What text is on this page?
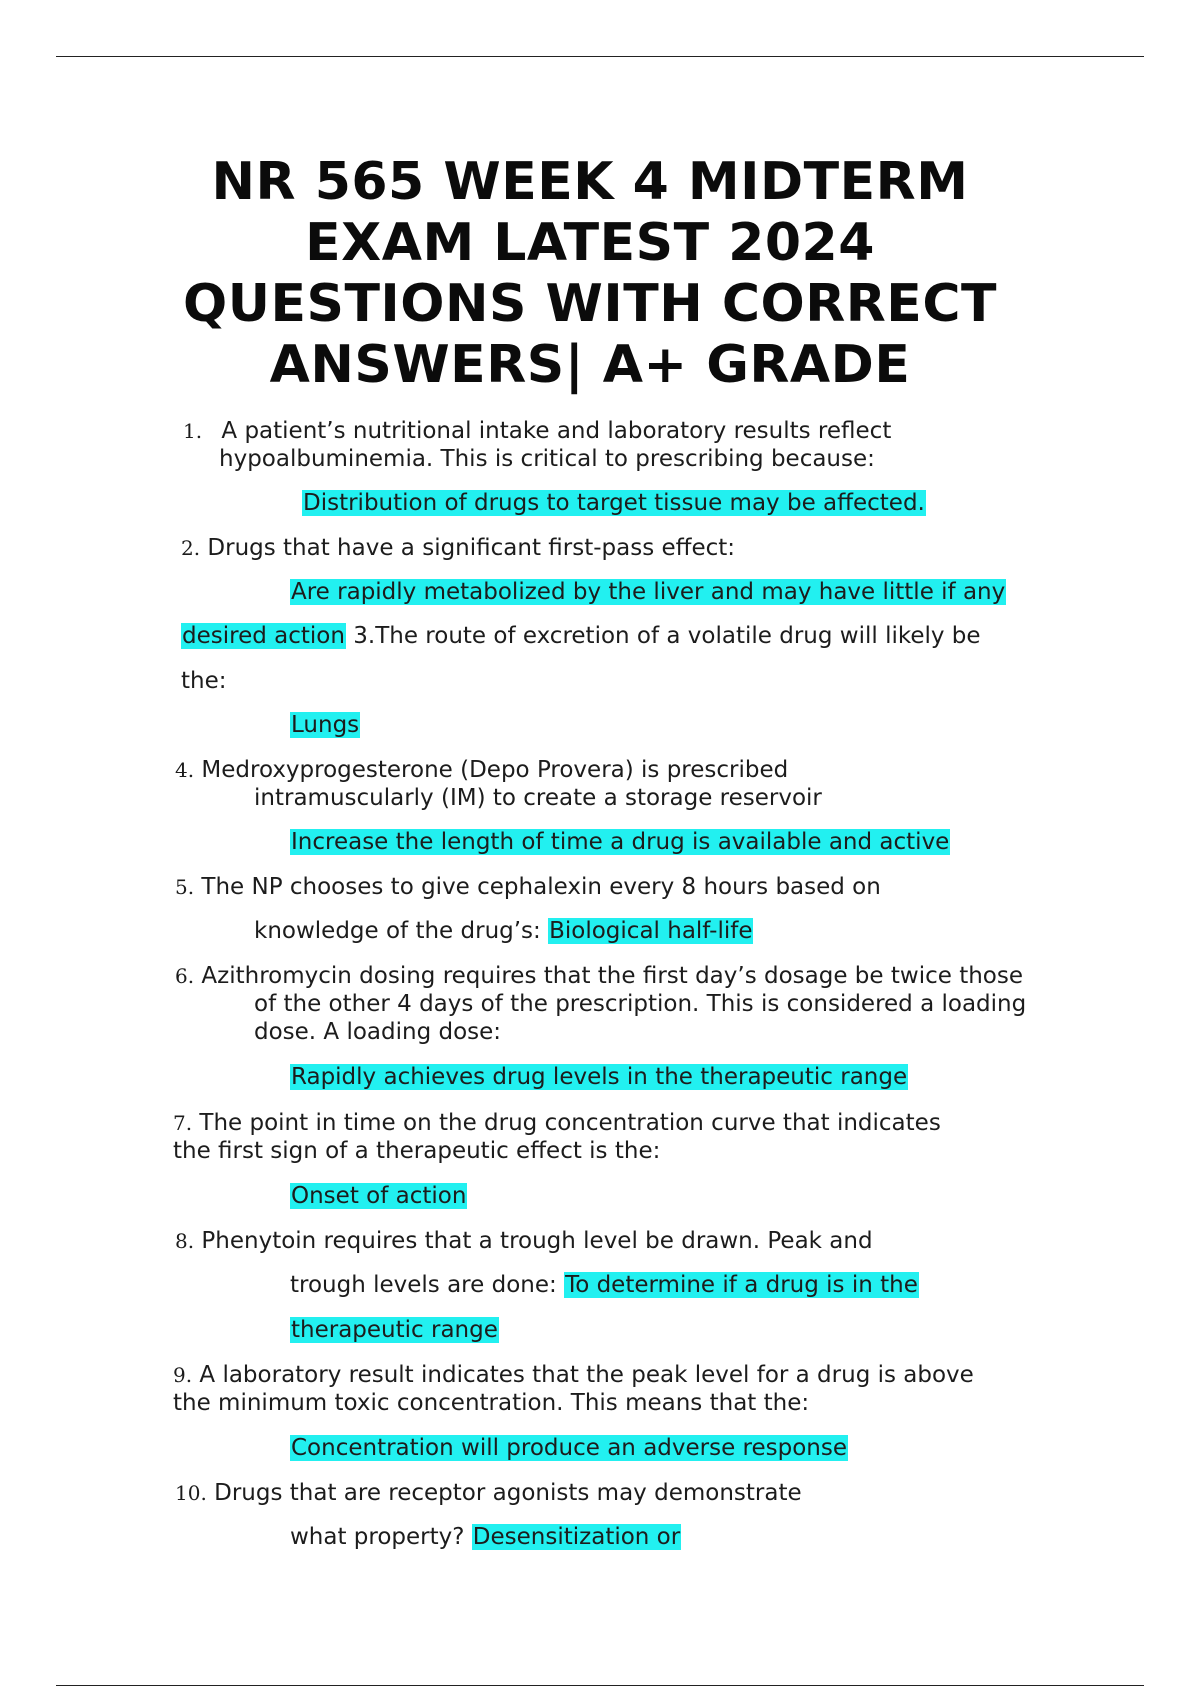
NR 565 WEEK 4 MIDTERM
EXAM LATEST 2024
QUESTIONS WITH CORRECT
ANSWERS| A+ GRADE

1. A patient’s nutritional intake and laboratory results reflect

hypoalbuminemia. This is critical to prescribing because:

Distribution of drugs to target tissue may be affected.

2. Drugs that have a significant first-pass effect:

Are rapidly metabolized by the liver and may have little if any

desired action 3.The route of excretion of a volatile drug will likely be

the:

Lungs

4. Medroxyprogesterone (Depo Provera) is prescribed

intramuscularly (IM) to create a storage reservoir

Increase the length of time a drug is available and active

5. The NP chooses to give cephalexin every 8 hours based on

knowledge of the drug’s: Biological half-life

6. Azithromycin dosing requires that the first day’s dosage be twice those

of the other 4 days of the prescription. This is considered a loading

dose. A loading dose:

Rapidly achieves drug levels in the therapeutic range

7. The point in time on the drug concentration curve that indicates

the first sign of a therapeutic effect is the:

Onset of action

8. Phenytoin requires that a trough level be drawn. Peak and

trough levels are done: To determine if a drug is in the

therapeutic range

9. A laboratory result indicates that the peak level for a drug is above

the minimum toxic concentration. This means that the:

Concentration will produce an adverse response

10. Drugs that are receptor agonists may demonstrate

what property? Desensitization or
